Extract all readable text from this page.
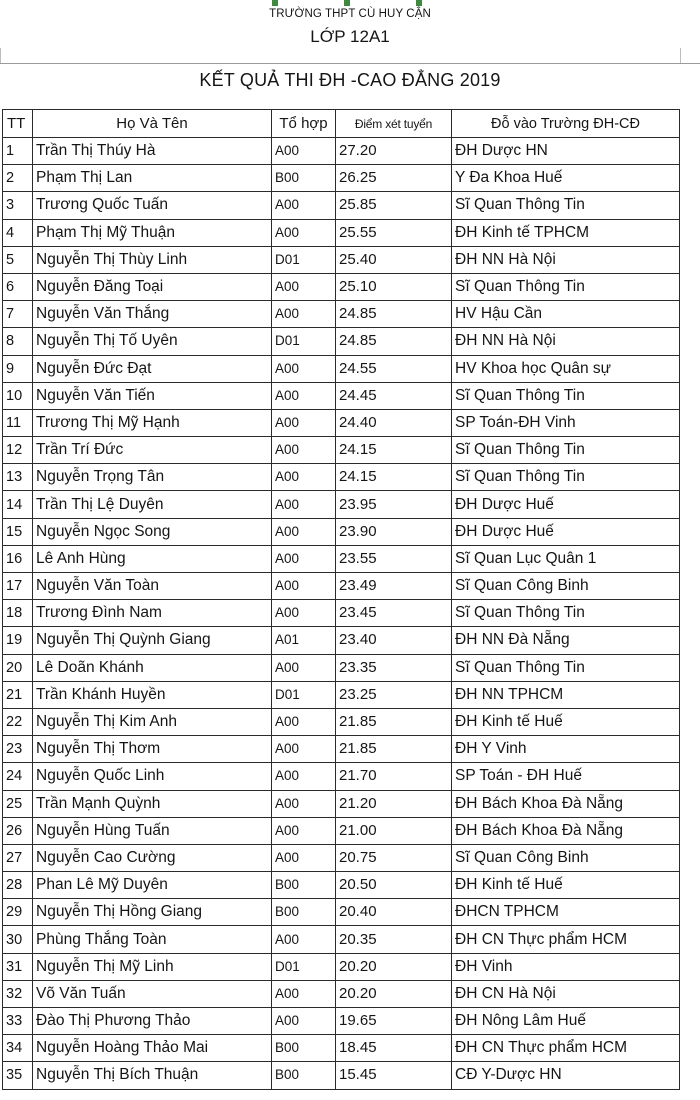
TRƯỜNG THPT CÙ HUY CẬN
LỚP 12A1
KẾT QUẢ THI ĐH -CAO ĐẲNG 2019
TT	Họ Và Tên	Tổ hợp	Điểm xét tuyển	Đỗ vào Trường ĐH-CĐ
1	Trần Thị Thúy Hà	A00	27.20	ĐH Dược HN
2	Phạm Thị Lan	B00	26.25	Y Đa Khoa Huế
3	Trương Quốc Tuấn	A00	25.85	Sĩ Quan Thông Tin
4	Phạm Thị Mỹ Thuận	A00	25.55	ĐH Kinh tế TPHCM
5	Nguyễn Thị Thùy Linh	D01	25.40	ĐH NN Hà Nội
6	Nguyễn Đăng Toại	A00	25.10	Sĩ Quan Thông Tin
7	Nguyễn Văn Thắng	A00	24.85	HV Hậu Cần
8	Nguyễn Thị Tố Uyên	D01	24.85	ĐH NN Hà Nội
9	Nguyễn Đức Đạt	A00	24.55	HV Khoa học Quân sự
10	Nguyễn Văn Tiến	A00	24.45	Sĩ Quan Thông Tin
11	Trương Thị Mỹ Hạnh	A00	24.40	SP Toán-ĐH Vinh
12	Trần Trí Đức	A00	24.15	Sĩ Quan Thông Tin
13	Nguyễn Trọng Tân	A00	24.15	Sĩ Quan Thông Tin
14	Trần Thị Lệ Duyên	A00	23.95	ĐH Dược Huế
15	Nguyễn Ngọc Song	A00	23.90	ĐH Dược Huế
16	Lê Anh Hùng	A00	23.55	Sĩ Quan Lục Quân 1
17	Nguyễn Văn Toàn	A00	23.49	Sĩ Quan Công Binh
18	Trương Đình Nam	A00	23.45	Sĩ Quan Thông Tin
19	Nguyễn Thị Quỳnh Giang	A01	23.40	ĐH NN Đà Nẵng
20	Lê Doãn Khánh	A00	23.35	Sĩ Quan Thông Tin
21	Trần Khánh Huyền	D01	23.25	ĐH NN TPHCM
22	Nguyễn Thị Kim Anh	A00	21.85	ĐH Kinh tế Huế
23	Nguyễn Thị Thơm	A00	21.85	ĐH Y Vinh
24	Nguyễn Quốc Linh	A00	21.70	SP Toán - ĐH Huế
25	Trần Mạnh Quỳnh	A00	21.20	ĐH Bách Khoa Đà Nẵng
26	Nguyễn Hùng Tuấn	A00	21.00	ĐH Bách Khoa Đà Nẵng
27	Nguyễn Cao Cường	A00	20.75	Sĩ Quan Công Binh
28	Phan Lê Mỹ Duyên	B00	20.50	ĐH Kinh tế Huế
29	Nguyễn Thị Hồng Giang	B00	20.40	ĐHCN TPHCM
30	Phùng Thắng Toàn	A00	20.35	ĐH CN Thực phẩm HCM
31	Nguyễn Thị Mỹ Linh	D01	20.20	ĐH Vinh
32	Võ Văn Tuấn	A00	20.20	ĐH CN Hà Nội
33	Đào Thị Phương Thảo	A00	19.65	ĐH Nông Lâm Huế
34	Nguyễn Hoàng Thảo Mai	B00	18.45	ĐH CN Thực phẩm HCM
35	Nguyễn Thị Bích Thuận	B00	15.45	CĐ Y-Dược HN
